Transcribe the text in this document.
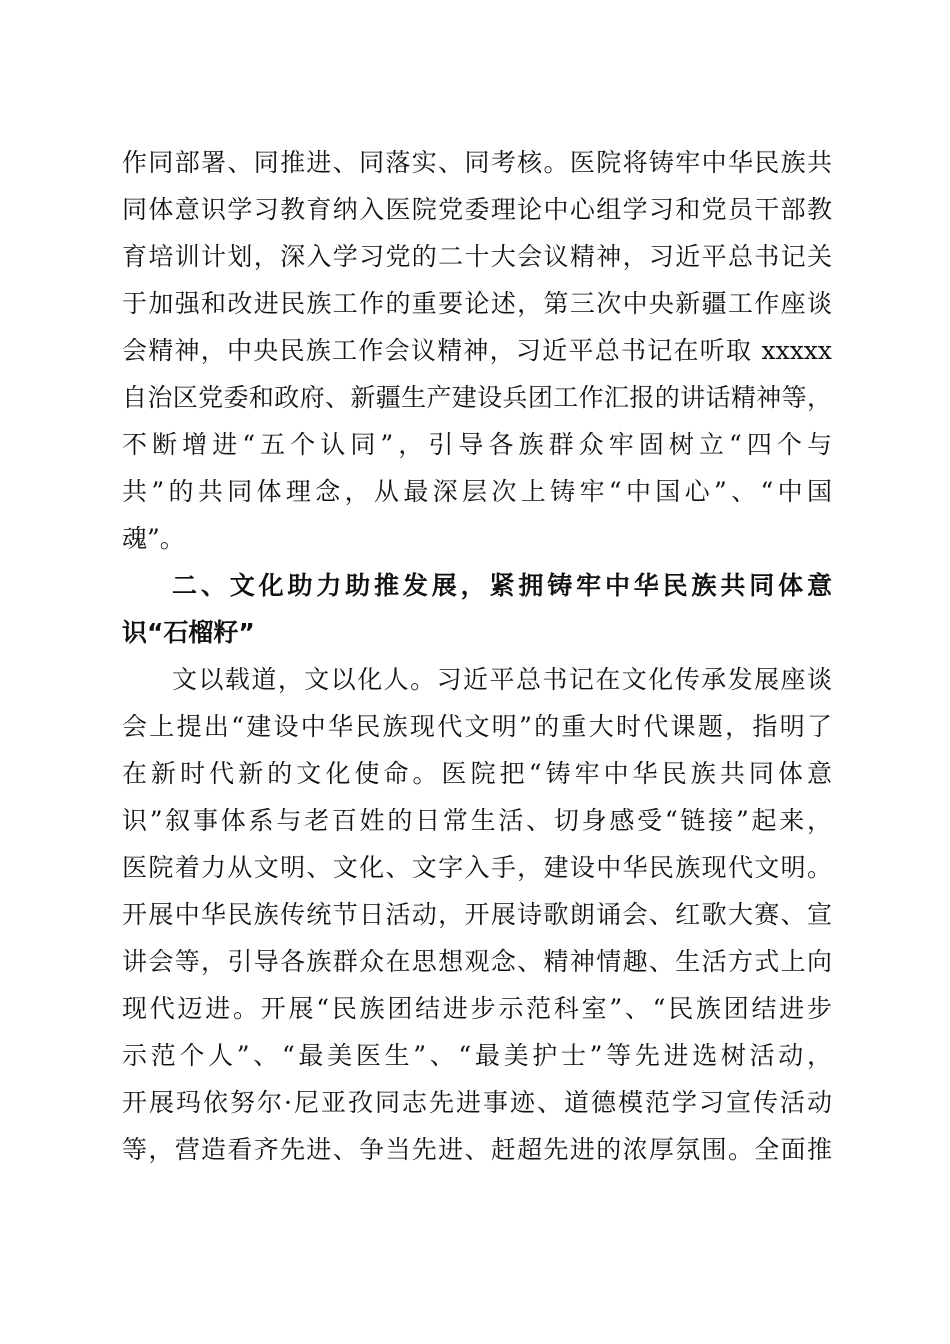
作同部署、同推进、同落实、同考核。医院将铸牢中华民族共
同体意识学习教育纳入医院党委理论中心组学习和党员干部教
育培训计划，深入学习党的二十大会议精神，习近平总书记关
于加强和改进民族工作的重要论述，第三次中央新疆工作座谈
会精神，中央民族工作会议精神，习近平总书记在听取 xxxxx
自治区党委和政府、新疆生产建设兵团工作汇报的讲话精神等，
不断增进“五个认同”，引导各族群众牢固树立“四个与
共”的共同体理念，从最深层次上铸牢“中国心”、“中国
魂”。
二、文化助力助推发展，紧拥铸牢中华民族共同体意
识“石榴籽”
文以载道，文以化人。习近平总书记在文化传承发展座谈
会上提出“建设中华民族现代文明”的重大时代课题，指明了
在新时代新的文化使命。医院把“铸牢中华民族共同体意
识”叙事体系与老百姓的日常生活、切身感受“链接”起来，
医院着力从文明、文化、文字入手，建设中华民族现代文明。
开展中华民族传统节日活动，开展诗歌朗诵会、红歌大赛、宣
讲会等，引导各族群众在思想观念、精神情趣、生活方式上向
现代迈进。开展“民族团结进步示范科室”、“民族团结进步
示范个人”、“最美医生”、“最美护士”等先进选树活动，
开展玛依努尔·尼亚孜同志先进事迹、道德模范学习宣传活动
等，营造看齐先进、争当先进、赶超先进的浓厚氛围。全面推
